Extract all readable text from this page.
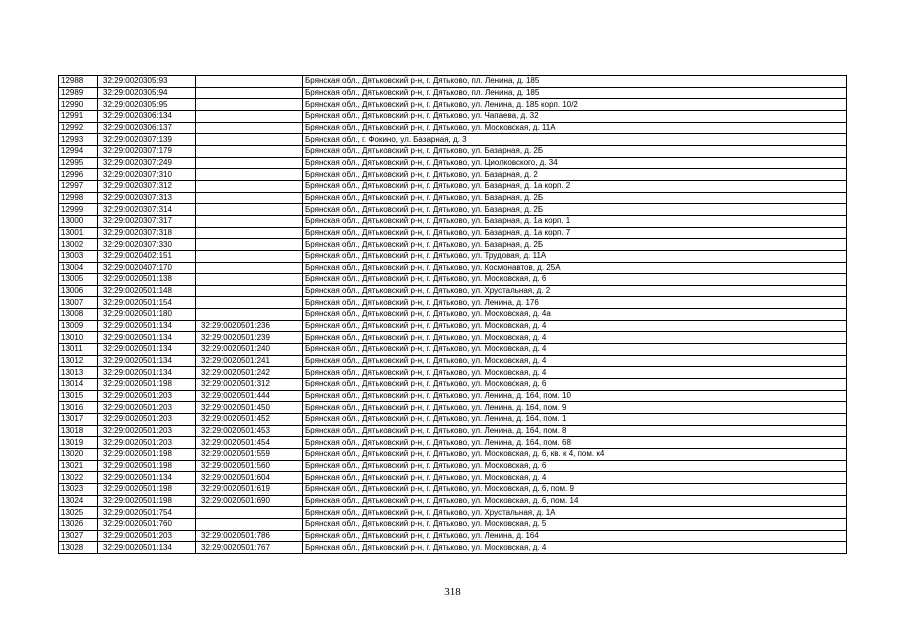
12988	32:29:0020305:93		Брянская обл., Дятьковский р-н, г. Дятьково, пл. Ленина, д. 185
12989	32:29:0020305:94		Брянская обл., Дятьковский р-н, г. Дятьково, пл. Ленина, д. 185
12990	32:29:0020305:95		Брянская обл., Дятьковский р-н, г. Дятьково, ул. Ленина, д. 185 корп. 10/2
12991	32:29:0020306:134		Брянская обл., Дятьковский р-н, г. Дятьково, ул. Чапаева, д. 32
12992	32:29:0020306:137		Брянская обл., Дятьковский р-н, г. Дятьково, ул. Московская, д. 11А
12993	32:29:0020307:139		Брянская обл., г. Фокино, ул. Базарная, д. 3
12994	32:29:0020307:179		Брянская обл., Дятьковский р-н, г. Дятьково, ул. Базарная, д. 2Б
12995	32:29:0020307:249		Брянская обл., Дятьковский р-н, г. Дятьково, ул. Циолковского, д. 34
12996	32:29:0020307:310		Брянская обл., Дятьковский р-н, г. Дятьково, ул. Базарная, д. 2
12997	32:29:0020307:312		Брянская обл., Дятьковский р-н, г. Дятьково, ул. Базарная, д. 1а корп. 2
12998	32:29:0020307:313		Брянская обл., Дятьковский р-н, г. Дятьково, ул. Базарная, д. 2Б
12999	32:29:0020307:314		Брянская обл., Дятьковский р-н, г. Дятьково, ул. Базарная, д. 2Б
13000	32:29:0020307:317		Брянская обл., Дятьковский р-н, г. Дятьково, ул. Базарная, д. 1а корп. 1
13001	32:29:0020307:318		Брянская обл., Дятьковский р-н, г. Дятьково, ул. Базарная, д. 1а корп. 7
13002	32:29:0020307:330		Брянская обл., Дятьковский р-н, г. Дятьково, ул. Базарная, д. 2Б
13003	32:29:0020402:151		Брянская обл., Дятьковский р-н, г. Дятьково, ул. Трудовая, д. 11А
13004	32:29:0020407:170		Брянская обл., Дятьковский р-н, г. Дятьково, ул. Космонавтов, д. 25А
13005	32:29:0020501:138		Брянская обл., Дятьковский р-н, г. Дятьково, ул. Московская, д. 6
13006	32:29:0020501:148		Брянская обл., Дятьковский р-н, г. Дятьково, ул. Хрустальная, д. 2
13007	32:29:0020501:154		Брянская обл., Дятьковский р-н, г. Дятьково, ул. Ленина, д. 176
13008	32:29:0020501:180		Брянская обл., Дятьковский р-н, г. Дятьково, ул. Московская, д. 4а
13009	32:29:0020501:134	32:29:0020501:236	Брянская обл., Дятьковский р-н, г. Дятьково, ул. Московская, д. 4
13010	32:29:0020501:134	32:29:0020501:239	Брянская обл., Дятьковский р-н, г. Дятьково, ул. Московская, д. 4
13011	32:29:0020501:134	32:29:0020501:240	Брянская обл., Дятьковский р-н, г. Дятьково, ул. Московская, д. 4
13012	32:29:0020501:134	32:29:0020501:241	Брянская обл., Дятьковский р-н, г. Дятьково, ул. Московская, д. 4
13013	32:29:0020501:134	32:29:0020501:242	Брянская обл., Дятьковский р-н, г. Дятьково, ул. Московская, д. 4
13014	32:29:0020501:198	32:29:0020501:312	Брянская обл., Дятьковский р-н, г. Дятьково, ул. Московская, д. 6
13015	32:29:0020501:203	32:29:0020501:444	Брянская обл., Дятьковский р-н, г. Дятьково, ул. Ленина, д. 164, пом. 10
13016	32:29:0020501:203	32:29:0020501:450	Брянская обл., Дятьковский р-н, г. Дятьково, ул. Ленина, д. 164, пом. 9
13017	32:29:0020501:203	32:29:0020501:452	Брянская обл., Дятьковский р-н, г. Дятьково, ул. Ленина, д. 164, пом. 1
13018	32:29:0020501:203	32:29:0020501:453	Брянская обл., Дятьковский р-н, г. Дятьково, ул. Ленина, д. 164, пом. 8
13019	32:29:0020501:203	32:29:0020501:454	Брянская обл., Дятьковский р-н, г. Дятьково, ул. Ленина, д. 164, пом. 68
13020	32:29:0020501:198	32:29:0020501:559	Брянская обл., Дятьковский р-н, г. Дятьково, ул. Московская, д. 6, кв. к 4, пом. к4
13021	32:29:0020501:198	32:29:0020501:560	Брянская обл., Дятьковский р-н, г. Дятьково, ул. Московская, д. 6
13022	32:29:0020501:134	32:29:0020501:604	Брянская обл., Дятьковский р-н, г. Дятьково, ул. Московская, д. 4
13023	32:29:0020501:198	32:29:0020501:619	Брянская обл., Дятьковский р-н, г. Дятьково, ул. Московская, д. 6, пом. 9
13024	32:29:0020501:198	32:29:0020501:690	Брянская обл., Дятьковский р-н, г. Дятьково, ул. Московская, д. 6, пом. 14
13025	32:29:0020501:754		Брянская обл., Дятьковский р-н, г. Дятьково, ул. Хрустальная, д. 1А
13026	32:29:0020501:760		Брянская обл., Дятьковский р-н, г. Дятьково, ул. Московская, д. 5
13027	32:29:0020501:203	32:29:0020501:786	Брянская обл., Дятьковский р-н, г. Дятьково, ул. Ленина, д. 164
13028	32:29:0020501:134	32:29:0020501:767	Брянская обл., Дятьковский р-н, г. Дятьково, ул. Московская, д. 4
318
